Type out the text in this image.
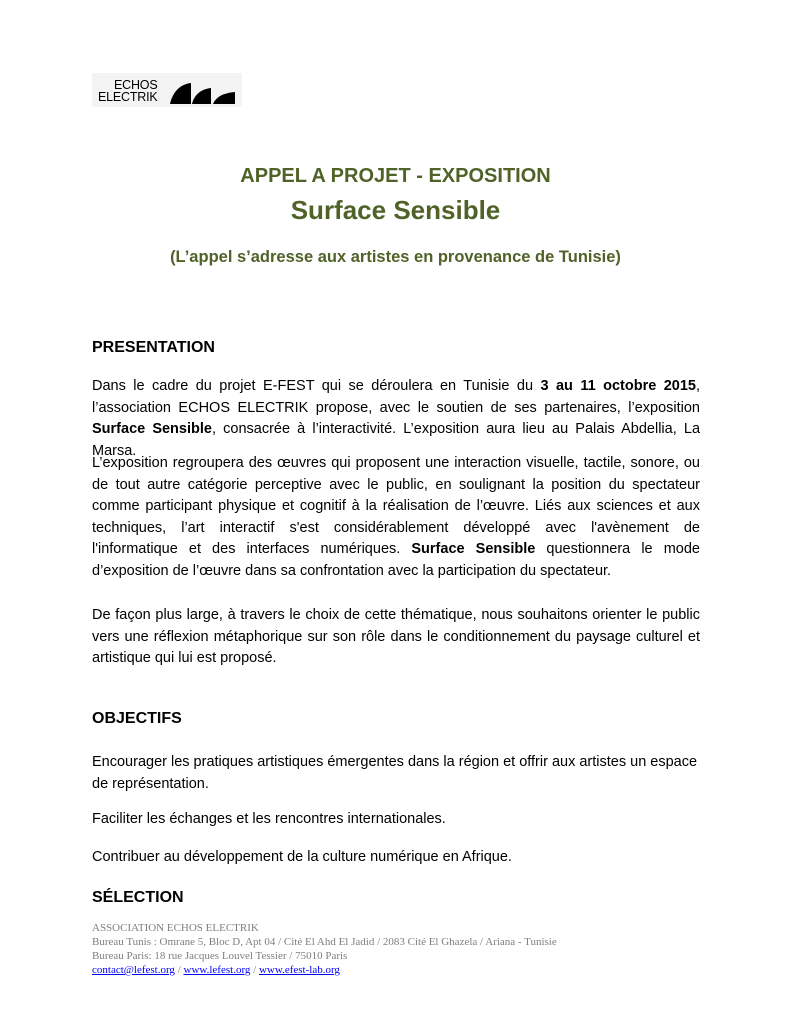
ECHOS
ELECTRIK
APPEL A PROJET - EXPOSITION
Surface Sensible
(L’appel s’adresse aux artistes en provenance de Tunisie)
PRESENTATION
Dans le cadre du projet E-FEST qui se déroulera en Tunisie du 3 au 11 octobre 2015, l’association ECHOS ELECTRIK propose, avec le soutien de ses partenaires, l’exposition Surface Sensible, consacrée à l’interactivité. L’exposition aura lieu au Palais Abdellia, La Marsa.
L’exposition regroupera des œuvres qui proposent une interaction visuelle, tactile, sonore, ou de tout autre catégorie perceptive avec le public, en soulignant la position du spectateur comme participant physique et cognitif à la réalisation de l’œuvre. Liés aux sciences et aux techniques, l’art interactif s'est considérablement développé avec l'avènement de l'informatique et des interfaces numériques. Surface Sensible questionnera le mode d’exposition de l’œuvre dans sa confrontation avec la participation du spectateur.
De façon plus large, à travers le choix de cette thématique, nous souhaitons orienter le public vers une réflexion métaphorique sur son rôle dans le conditionnement du paysage culturel et artistique qui lui est proposé.
OBJECTIFS
Encourager les pratiques artistiques émergentes dans la région et offrir aux artistes un espace de représentation.
Faciliter les échanges et les rencontres internationales.
Contribuer au développement de la culture numérique en Afrique.
SÉLECTION
ASSOCIATION ECHOS ELECTRIK
Bureau Tunis : Omrane 5, Bloc D, Apt 04 / Cité El Ahd El Jadid / 2083 Cité El Ghazela / Ariana - Tunisie
Bureau Paris: 18 rue Jacques Louvel Tessier / 75010 Paris
contact@lefest.org / www.lefest.org / www.efest-lab.org
